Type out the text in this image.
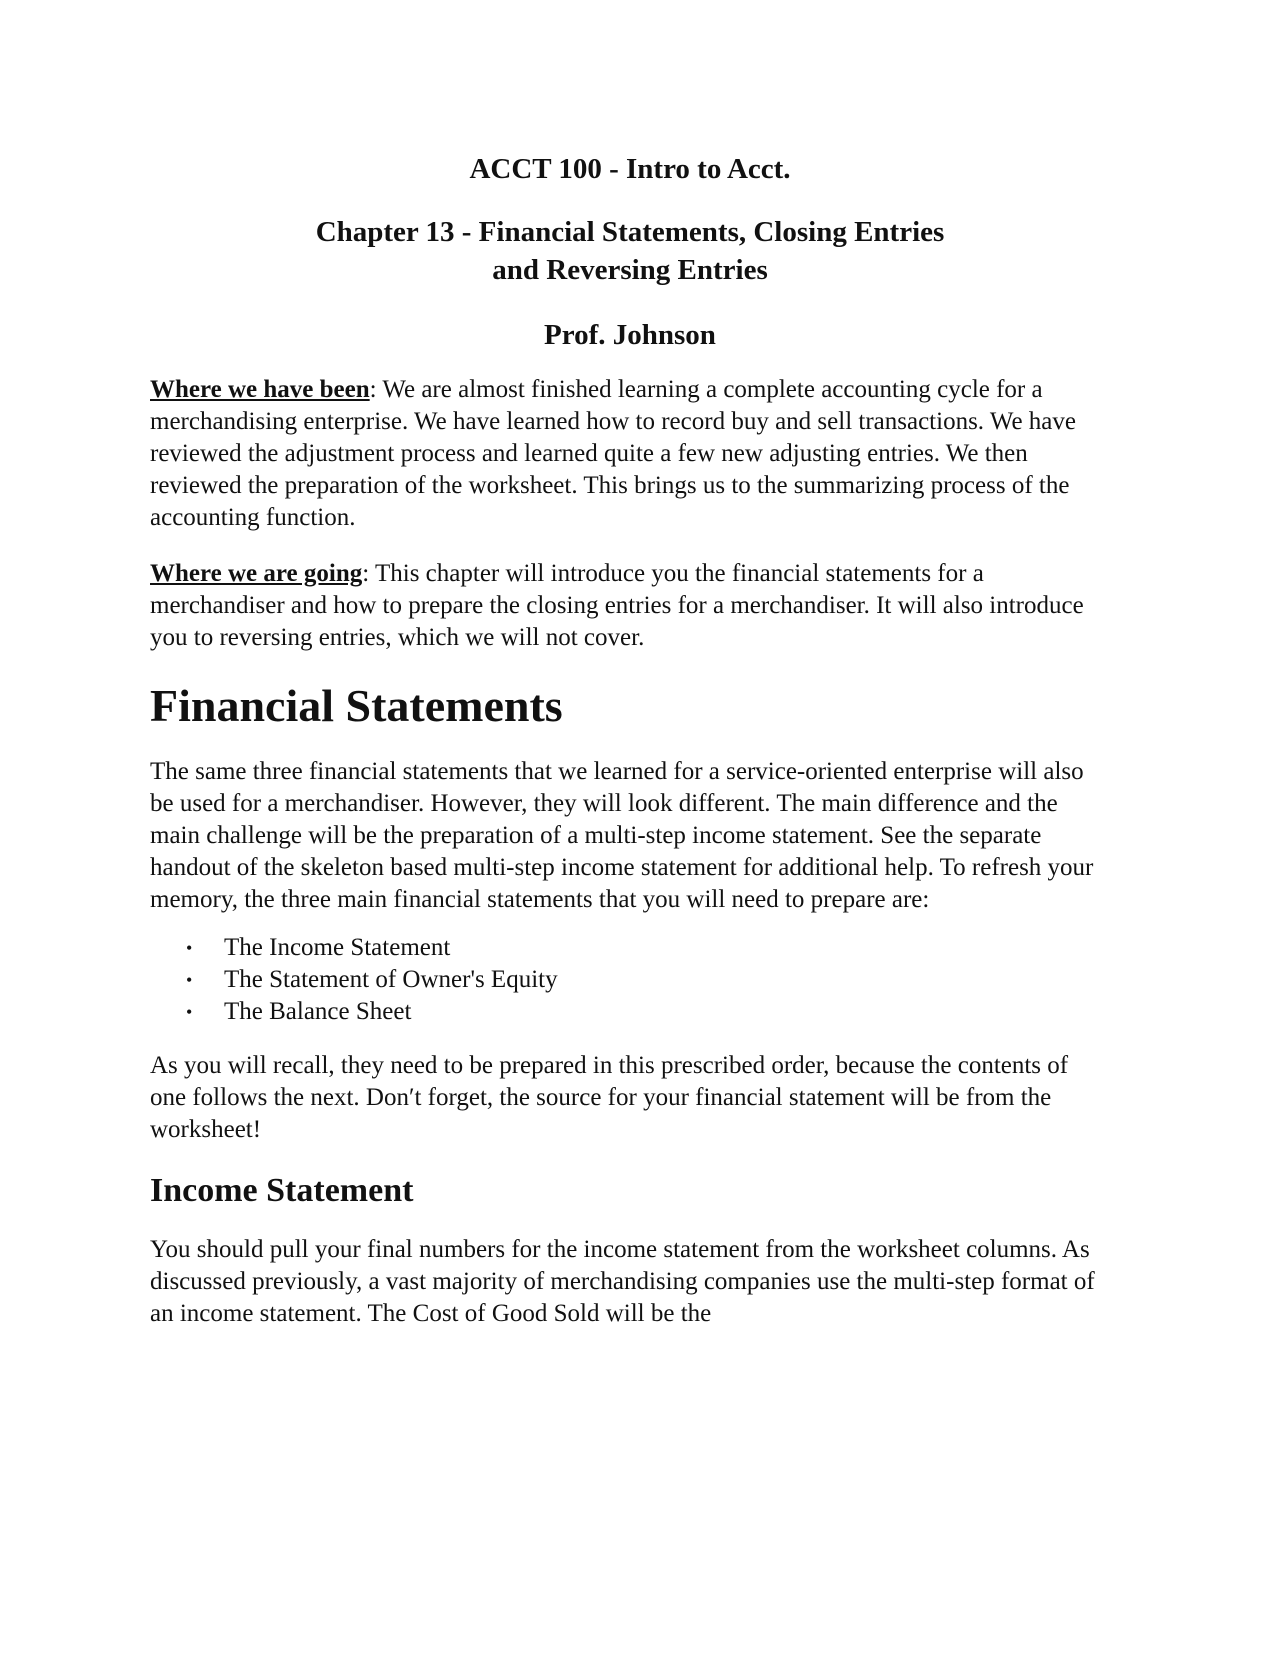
ACCT 100 - Intro to Acct.
Chapter 13 - Financial Statements, Closing Entries
and Reversing Entries
Prof. Johnson

Where we have been: We are almost finished learning a complete accounting cycle for a merchandising enterprise. We have learned how to record buy and sell transactions. We have reviewed the adjustment process and learned quite a few new adjusting entries. We then reviewed the preparation of the worksheet. This brings us to the summarizing process of the accounting function.

Where we are going: This chapter will introduce you the financial statements for a merchandiser and how to prepare the closing entries for a merchandiser. It will also introduce you to reversing entries, which we will not cover.

Financial Statements

The same three financial statements that we learned for a service-oriented enterprise will also be used for a merchandiser. However, they will look different. The main difference and the main challenge will be the preparation of a multi-step income statement. See the separate handout of the skeleton based multi-step income statement for additional help. To refresh your memory, the three main financial statements that you will need to prepare are:

• The Income Statement
• The Statement of Owner's Equity
• The Balance Sheet

As you will recall, they need to be prepared in this prescribed order, because the contents of one follows the next. Don′t forget, the source for your financial statement will be from the worksheet!

Income Statement

You should pull your final numbers for the income statement from the worksheet columns. As discussed previously, a vast majority of merchandising companies use the multi-step format of an income statement. The Cost of Good Sold will be the
